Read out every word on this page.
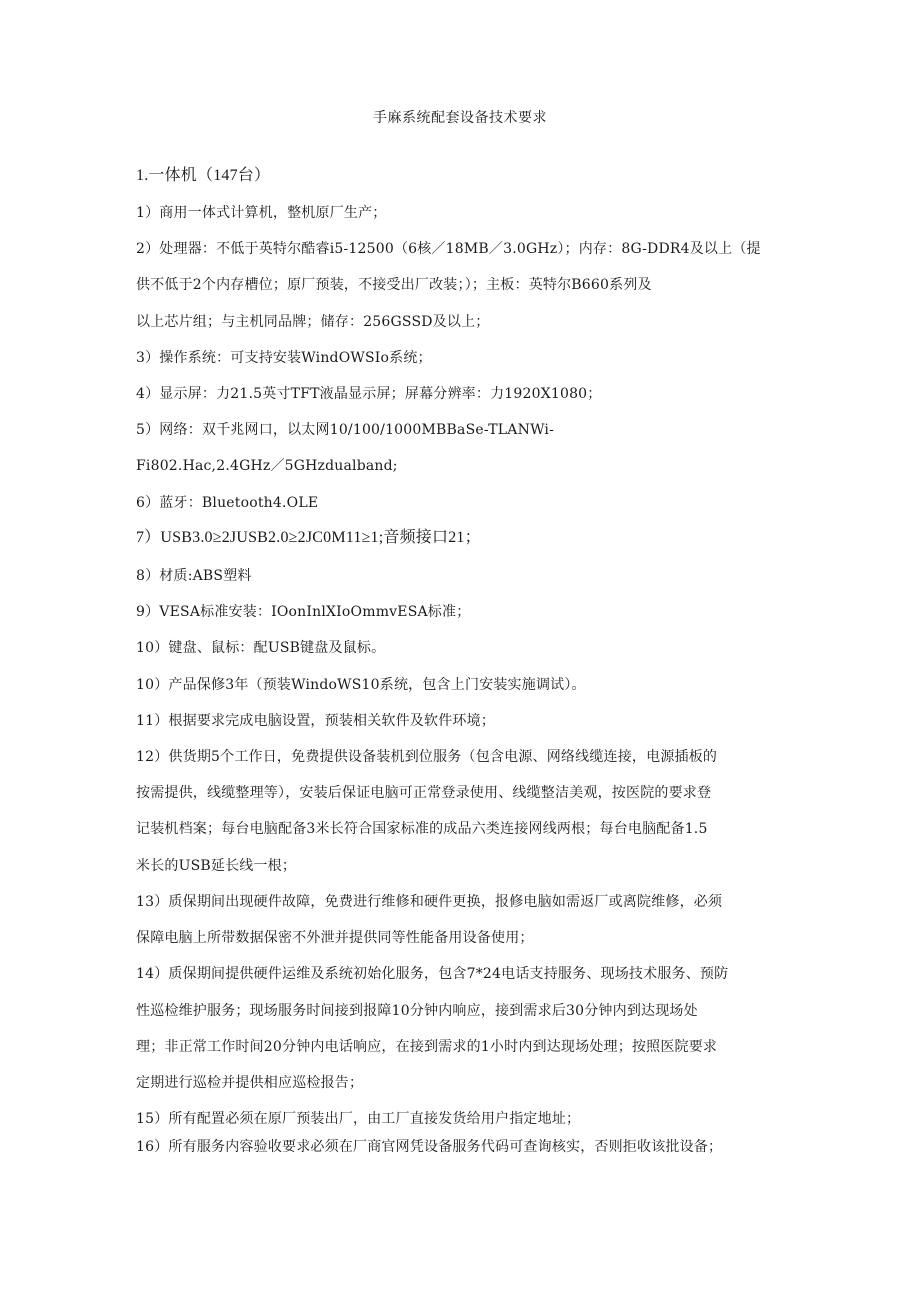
手麻系统配套设备技术要求
1.一体机（147台）
1）商用一体式计算机，整机原厂生产；
2）处理器：不低于英特尔酷睿i5-12500（6核／18MB／3.0GHz）；内存：8G-DDR4及以上（提
供不低于2个内存槽位；原厂预装，不接受出厂改装；）；主板：英特尔B660系列及
以上芯片组；与主机同品牌；储存：256GSSD及以上；
3）操作系统：可支持安装WindOWSIo系统；
4）显示屏：力21.5英寸TFT液晶显示屏；屏幕分辨率：力1920X1080；
5）网络：双千兆网口，以太网10/100/1000MBBaSe-TLANWi-
Fi802.Hac,2.4GHz／5GHzdualband;
6）蓝牙：Bluetooth4.OLE
7）USB3.0≥2JUSB2.0≥2JC0M11≥1;音频接口21；
8）材质:ABS塑料
9）VESA标准安装：IOonInlXIoOmmvESA标准；
10）键盘、鼠标：配USB键盘及鼠标。
10）产品保修3年（预装WindoWS10系统，包含上门安装实施调试）。
11）根据要求完成电脑设置，预装相关软件及软件环境；
12）供货期5个工作日，免费提供设备装机到位服务（包含电源、网络线缆连接，电源插板的
按需提供，线缆整理等），安装后保证电脑可正常登录使用、线缆整洁美观，按医院的要求登
记装机档案；每台电脑配备3米长符合国家标准的成品六类连接网线两根；每台电脑配备1.5
米长的USB延长线一根；
13）质保期间出现硬件故障，免费进行维修和硬件更换，报修电脑如需返厂或离院维修，必须
保障电脑上所带数据保密不外泄并提供同等性能备用设备使用；
14）质保期间提供硬件运维及系统初始化服务，包含7*24电话支持服务、现场技术服务、预防
性巡检维护服务；现场服务时间接到报障10分钟内响应，接到需求后30分钟内到达现场处
理；非正常工作时间20分钟内电话响应，在接到需求的1小时内到达现场处理；按照医院要求
定期进行巡检并提供相应巡检报告；
15）所有配置必须在原厂预装出厂，由工厂直接发货给用户指定地址；
16）所有服务内容验收要求必须在厂商官网凭设备服务代码可查询核实，否则拒收该批设备；
